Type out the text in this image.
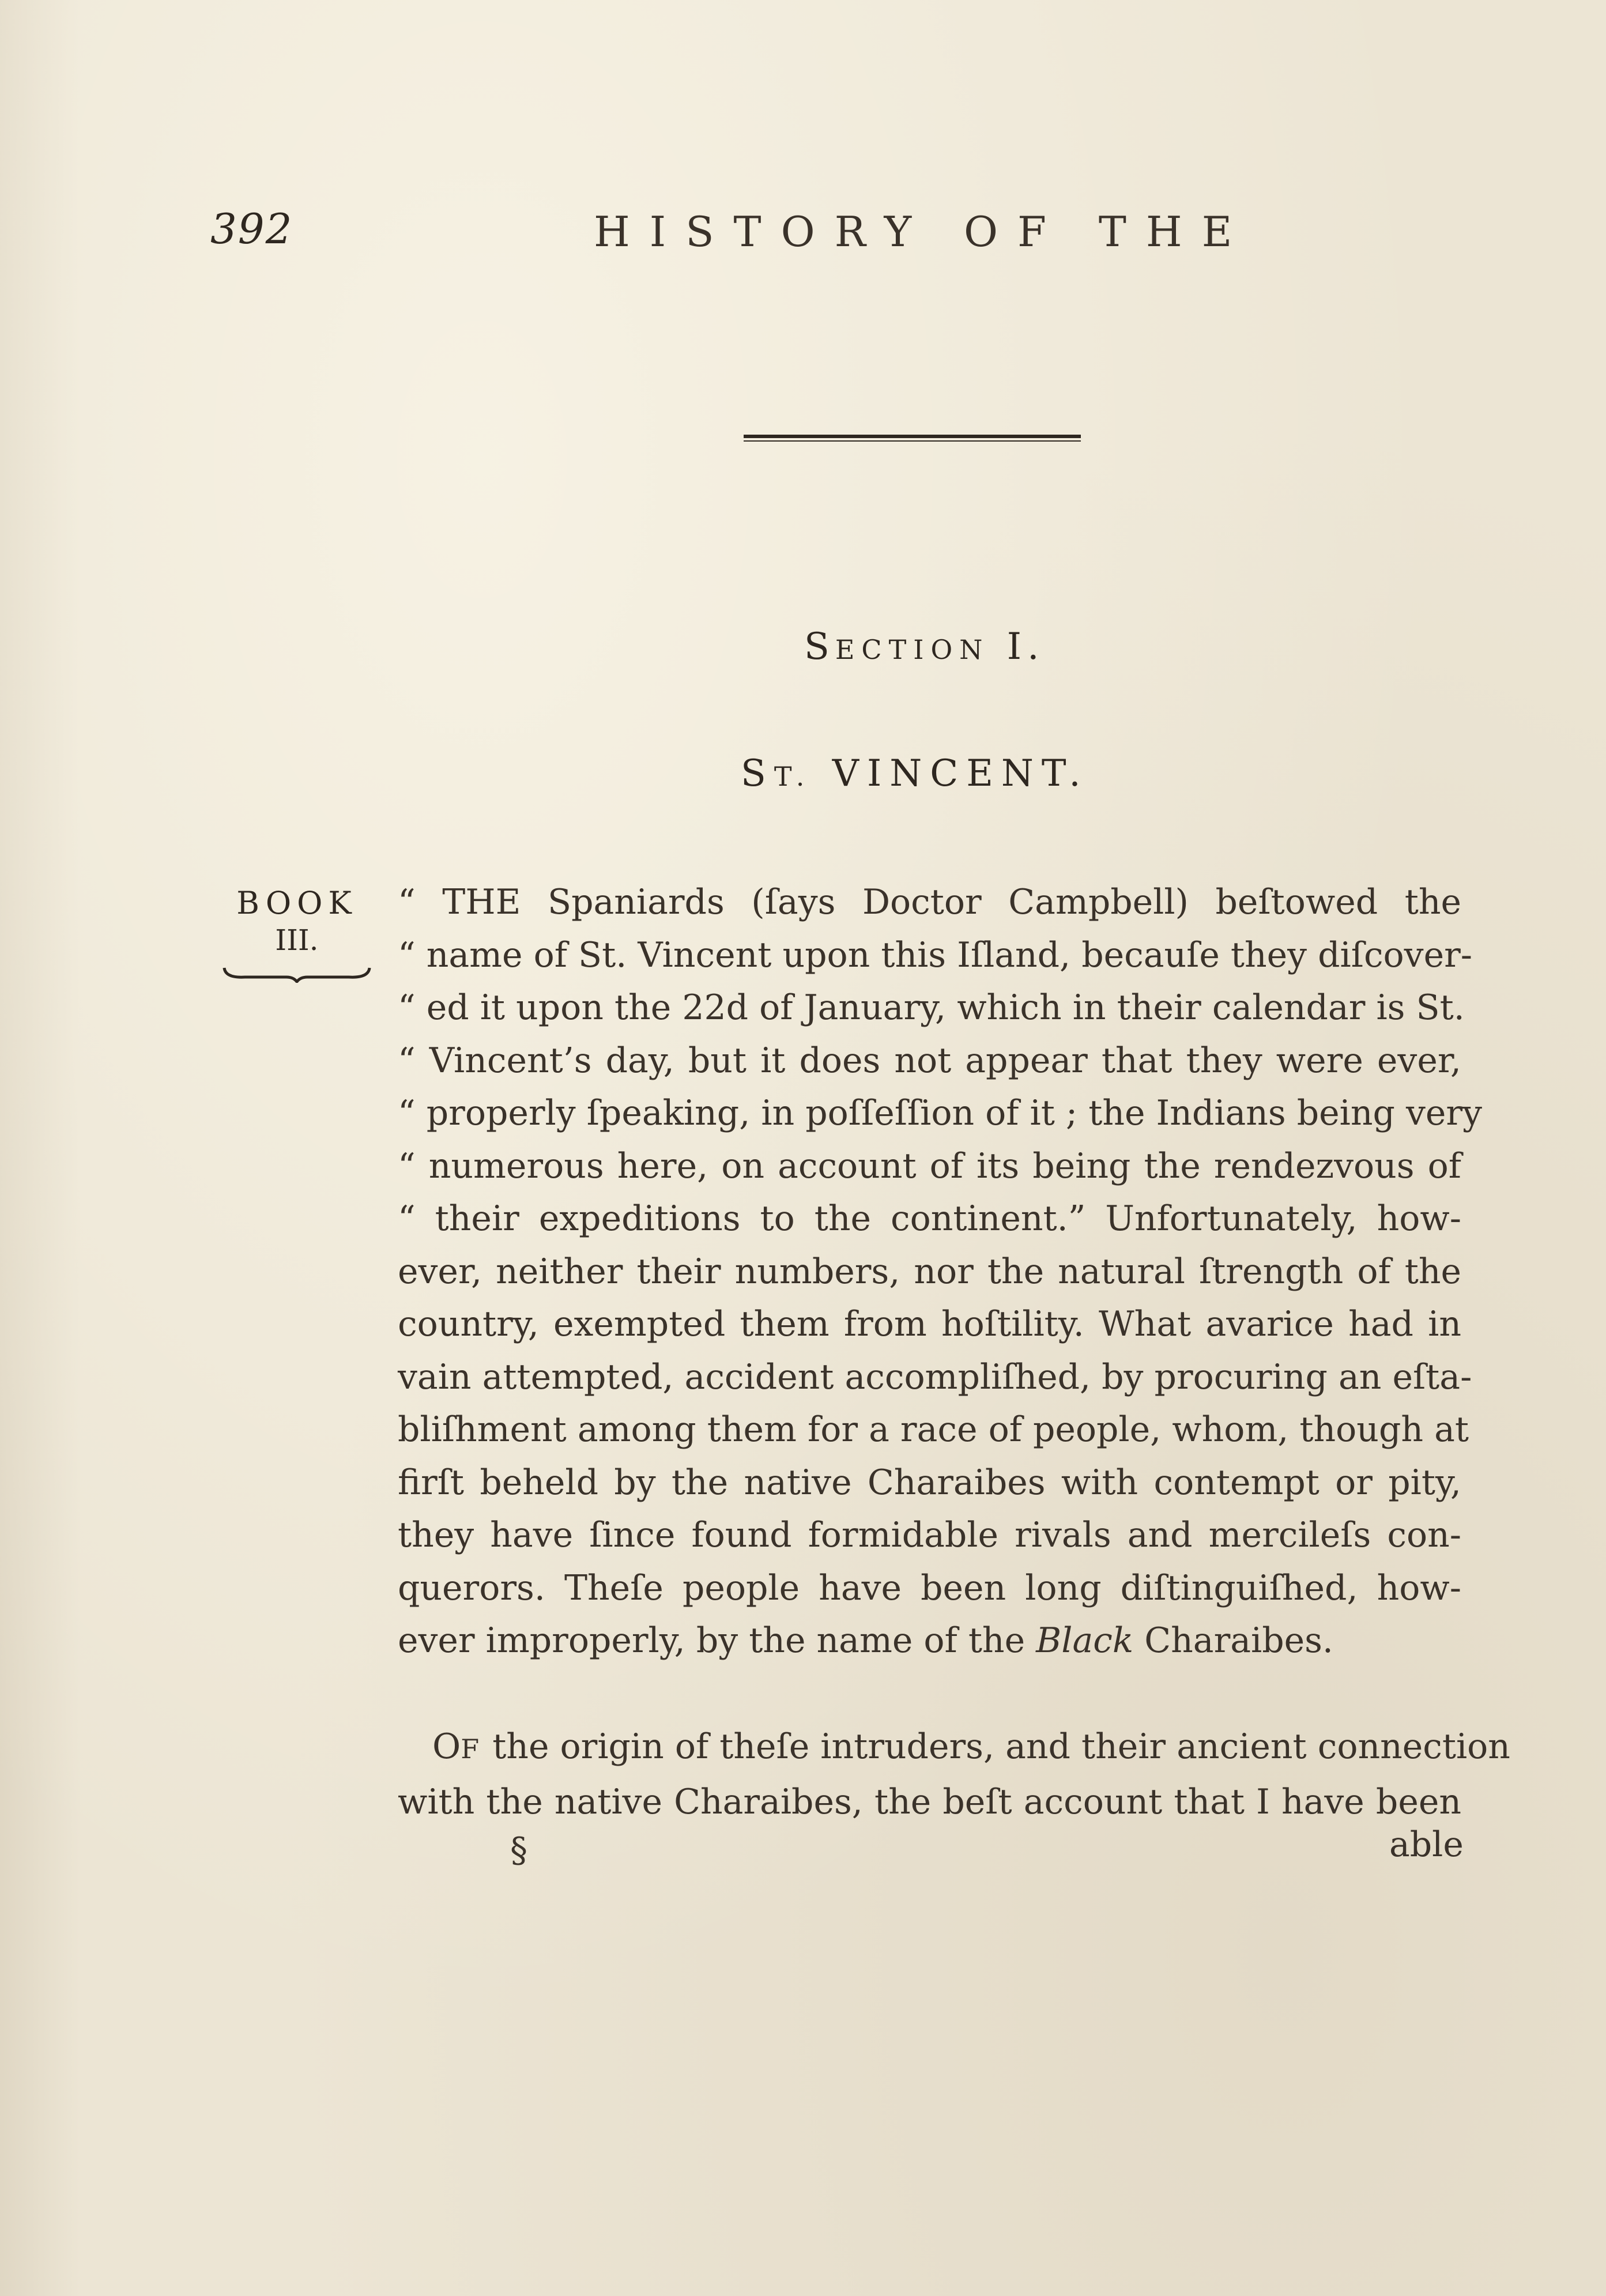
392	HISTORY OF THE
SECTION I.
ST. VINCENT.
BOOK
III.
“ THE Spaniards (ſays Doctor Campbell) beſtowed the
“ name of St. Vincent upon this Iſland, becauſe they diſcover-
“ ed it upon the 22d of January, which in their calendar is St.
“ Vincent’s day, but it does not appear that they were ever,
“ properly ſpeaking, in poſſeſſion of it ; the Indians being very
“ numerous here, on account of its being the rendezvous of
“ their expeditions to the continent.” Unfortunately, how-
ever, neither their numbers, nor the natural ſtrength of the
country, exempted them from hoſtility. What avarice had in
vain attempted, accident accompliſhed, by procuring an eſta-
bliſhment among them for a race of people, whom, though at
firſt beheld by the native Charaibes with contempt or pity,
they have ſince found formidable rivals and mercileſs con-
querors. Theſe people have been long diſtinguiſhed, how-
ever improperly, by the name of the Black Charaibes.
 OF the origin of theſe intruders, and their ancient connection
with the native Charaibes, the beſt account that I have been
§	able
